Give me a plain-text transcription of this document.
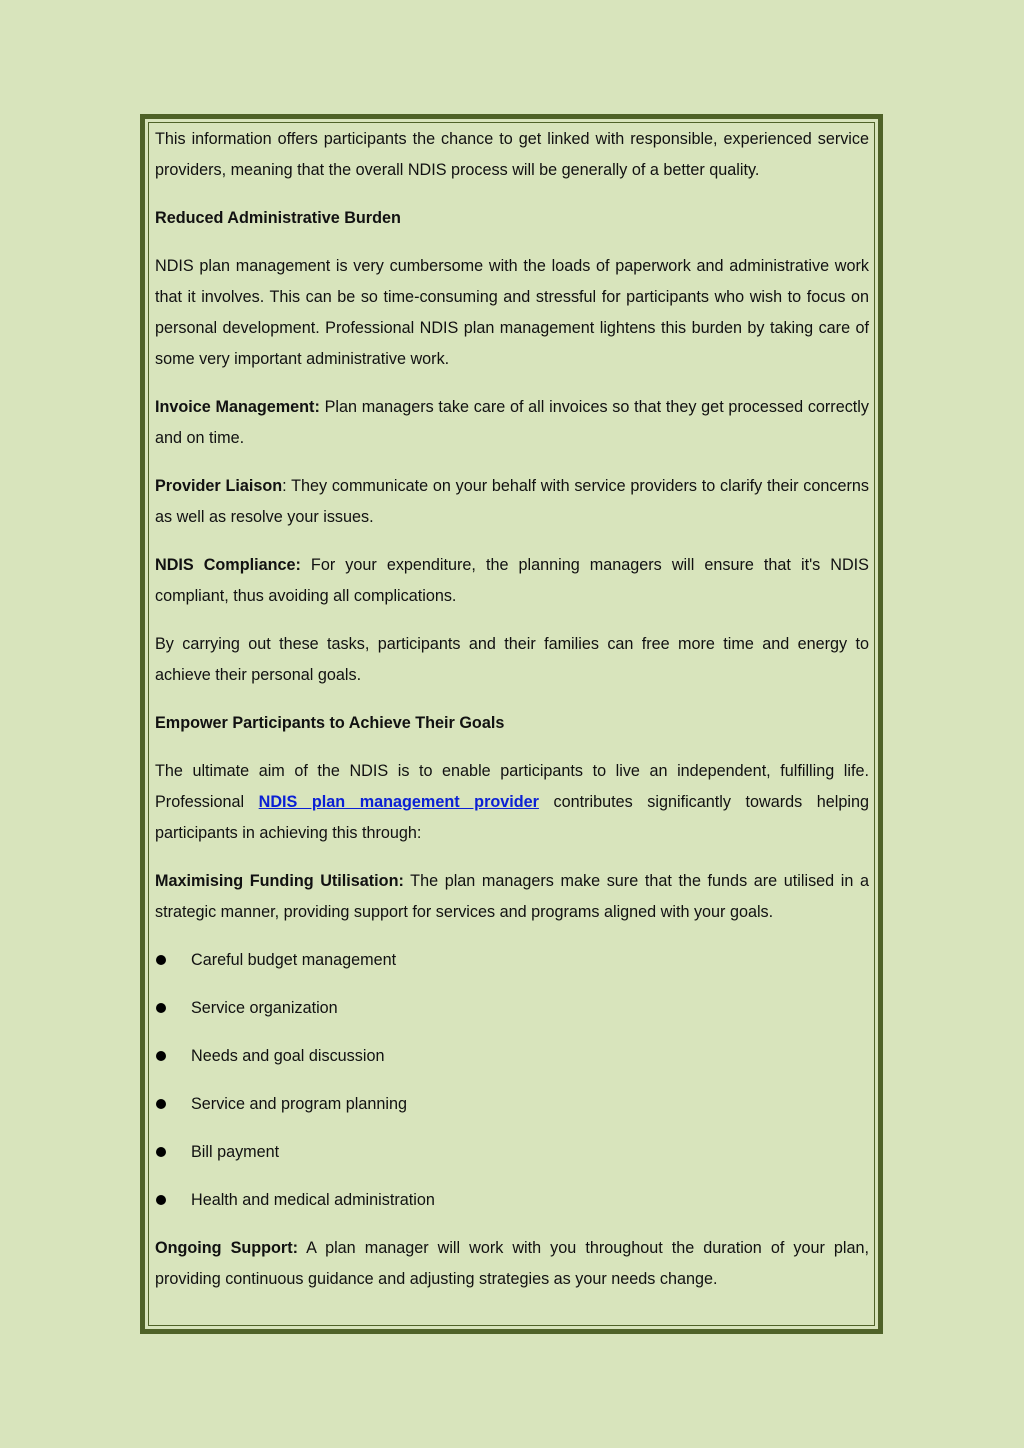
This information offers participants the chance to get linked with responsible, experienced service providers, meaning that the overall NDIS process will be generally of a better quality.

Reduced Administrative Burden

NDIS plan management is very cumbersome with the loads of paperwork and administrative work that it involves. This can be so time-consuming and stressful for participants who wish to focus on personal development. Professional NDIS plan management lightens this burden by taking care of some very important administrative work.

Invoice Management: Plan managers take care of all invoices so that they get processed correctly and on time.

Provider Liaison: They communicate on your behalf with service providers to clarify their concerns as well as resolve your issues.

NDIS Compliance: For your expenditure, the planning managers will ensure that it's NDIS compliant, thus avoiding all complications.

By carrying out these tasks, participants and their families can free more time and energy to achieve their personal goals.

Empower Participants to Achieve Their Goals

The ultimate aim of the NDIS is to enable participants to live an independent, fulfilling life. Professional NDIS plan management provider contributes significantly towards helping participants in achieving this through:

Maximising Funding Utilisation: The plan managers make sure that the funds are utilised in a strategic manner, providing support for services and programs aligned with your goals.

Careful budget management
Service organization
Needs and goal discussion
Service and program planning
Bill payment
Health and medical administration

Ongoing Support: A plan manager will work with you throughout the duration of your plan, providing continuous guidance and adjusting strategies as your needs change.
